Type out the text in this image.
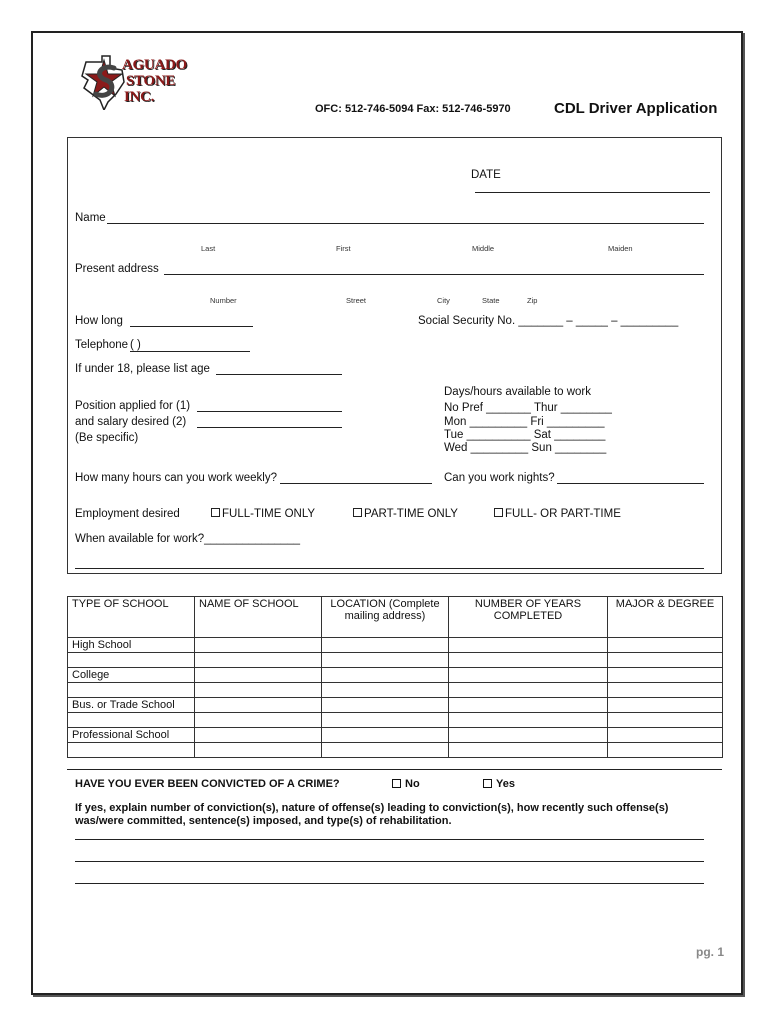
AGUADO
STONE
INC.
OFC: 512-746-5094 Fax: 512-746-5970	CDL Driver Application
DATE
Name
Last	First	Middle	Maiden
Present address
Number	Street	City	State	Zip
How long	Social Security No. _______ – _____ – _________
Telephone ( )
If under 18, please list age
Position applied for (1)
and salary desired (2)
(Be specific)
Days/hours available to work
No Pref _______ Thur ________
Mon _________ Fri _________
Tue __________ Sat ________
Wed _________ Sun ________
How many hours can you work weekly?	Can you work nights?
Employment desired	FULL-TIME ONLY	PART-TIME ONLY	FULL- OR PART-TIME
When available for work?_______________
TYPE OF SCHOOL	NAME OF SCHOOL	LOCATION (Complete mailing address)	NUMBER OF YEARS COMPLETED	MAJOR & DEGREE
High School				

College				

Bus. or Trade School				

Professional School				

HAVE YOU EVER BEEN CONVICTED OF A CRIME?	No	Yes
If yes, explain number of conviction(s), nature of offense(s) leading to conviction(s), how recently such offense(s) was/were committed, sentence(s) imposed, and type(s) of rehabilitation.
pg. 1
